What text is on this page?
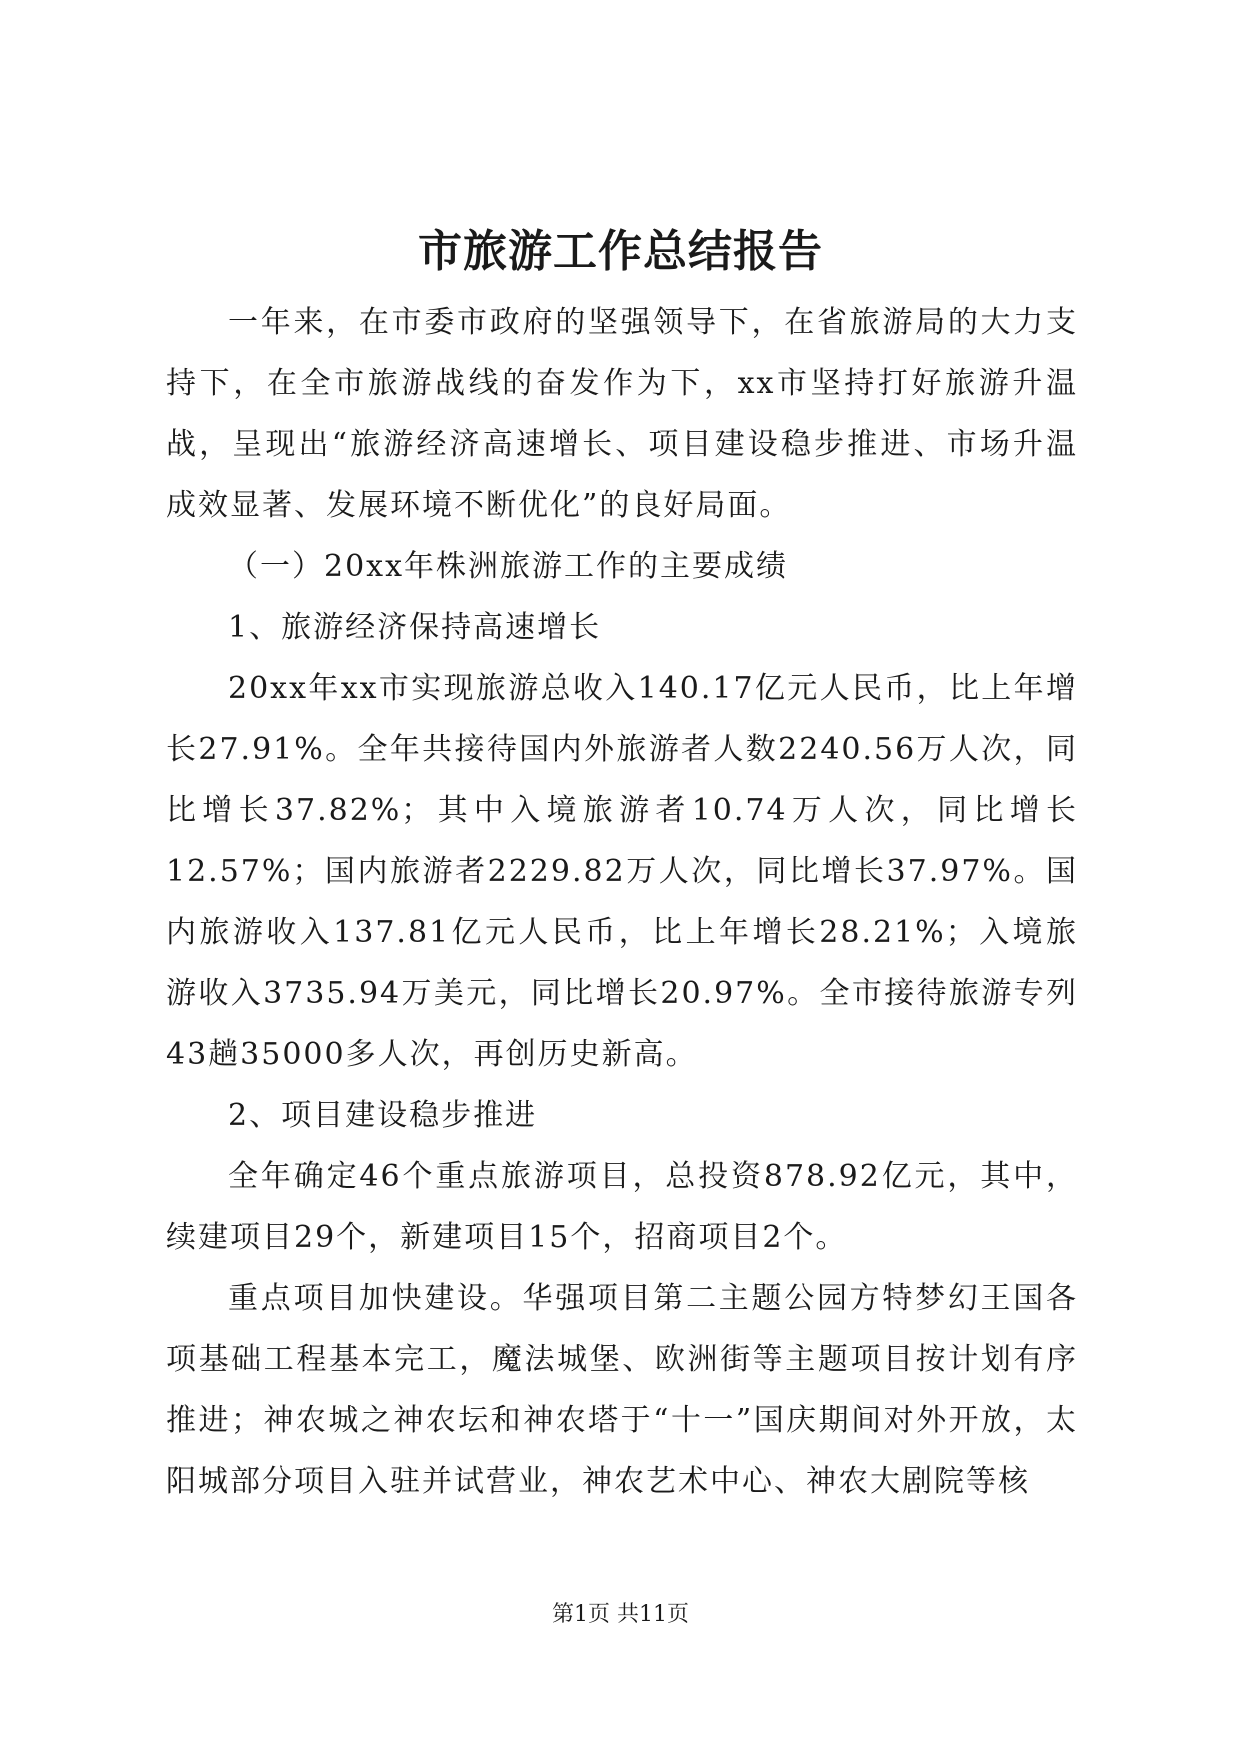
市旅游工作总结报告

一年来，在市委市政府的坚强领导下，在省旅游局的大力支持下，在全市旅游战线的奋发作为下，xx市坚持打好旅游升温战，呈现出“旅游经济高速增长、项目建设稳步推进、市场升温成效显著、发展环境不断优化”的良好局面。

（一）20xx年株洲旅游工作的主要成绩

1、旅游经济保持高速增长

20xx年xx市实现旅游总收入140.17亿元人民币，比上年增长27.91%。全年共接待国内外旅游者人数2240.56万人次，同比增长37.82%；其中入境旅游者10.74万人次，同比增长12.57%；国内旅游者2229.82万人次，同比增长37.97%。国内旅游收入137.81亿元人民币，比上年增长28.21%；入境旅游收入3735.94万美元，同比增长20.97%。全市接待旅游专列43趟35000多人次，再创历史新高。

2、项目建设稳步推进

全年确定46个重点旅游项目，总投资878.92亿元，其中，续建项目29个，新建项目15个，招商项目2个。

重点项目加快建设。华强项目第二主题公园方特梦幻王国各项基础工程基本完工，魔法城堡、欧洲街等主题项目按计划有序推进；神农城之神农坛和神农塔于“十一”国庆期间对外开放，太阳城部分项目入驻并试营业，神农艺术中心、神农大剧院等核

第1页 共11页
